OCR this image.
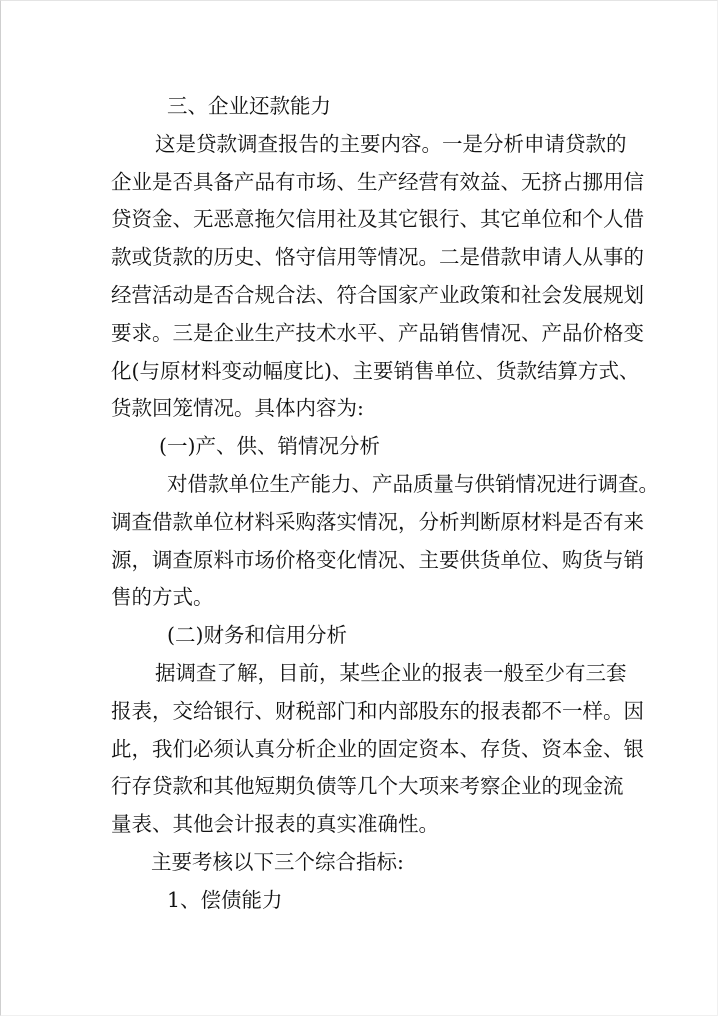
三、企业还款能力
这是贷款调查报告的主要内容。一是分析申请贷款的
企业是否具备产品有市场、生产经营有效益、无挤占挪用信
贷资金、无恶意拖欠信用社及其它银行、其它单位和个人借
款或货款的历史、恪守信用等情况。二是借款申请人从事的
经营活动是否合规合法、符合国家产业政策和社会发展规划
要求。三是企业生产技术水平、产品销售情况、产品价格变
化(与原材料变动幅度比)、主要销售单位、货款结算方式、
货款回笼情况。具体内容为:
(一)产、供、销情况分析
对借款单位生产能力、产品质量与供销情况进行调查。
调查借款单位材料采购落实情况，分析判断原材料是否有来
源，调查原料市场价格变化情况、主要供货单位、购货与销
售的方式。
(二)财务和信用分析
据调查了解，目前，某些企业的报表一般至少有三套
报表，交给银行、财税部门和内部股东的报表都不一样。因
此，我们必须认真分析企业的固定资本、存货、资本金、银
行存贷款和其他短期负债等几个大项来考察企业的现金流
量表、其他会计报表的真实准确性。
主要考核以下三个综合指标:
1、偿债能力
